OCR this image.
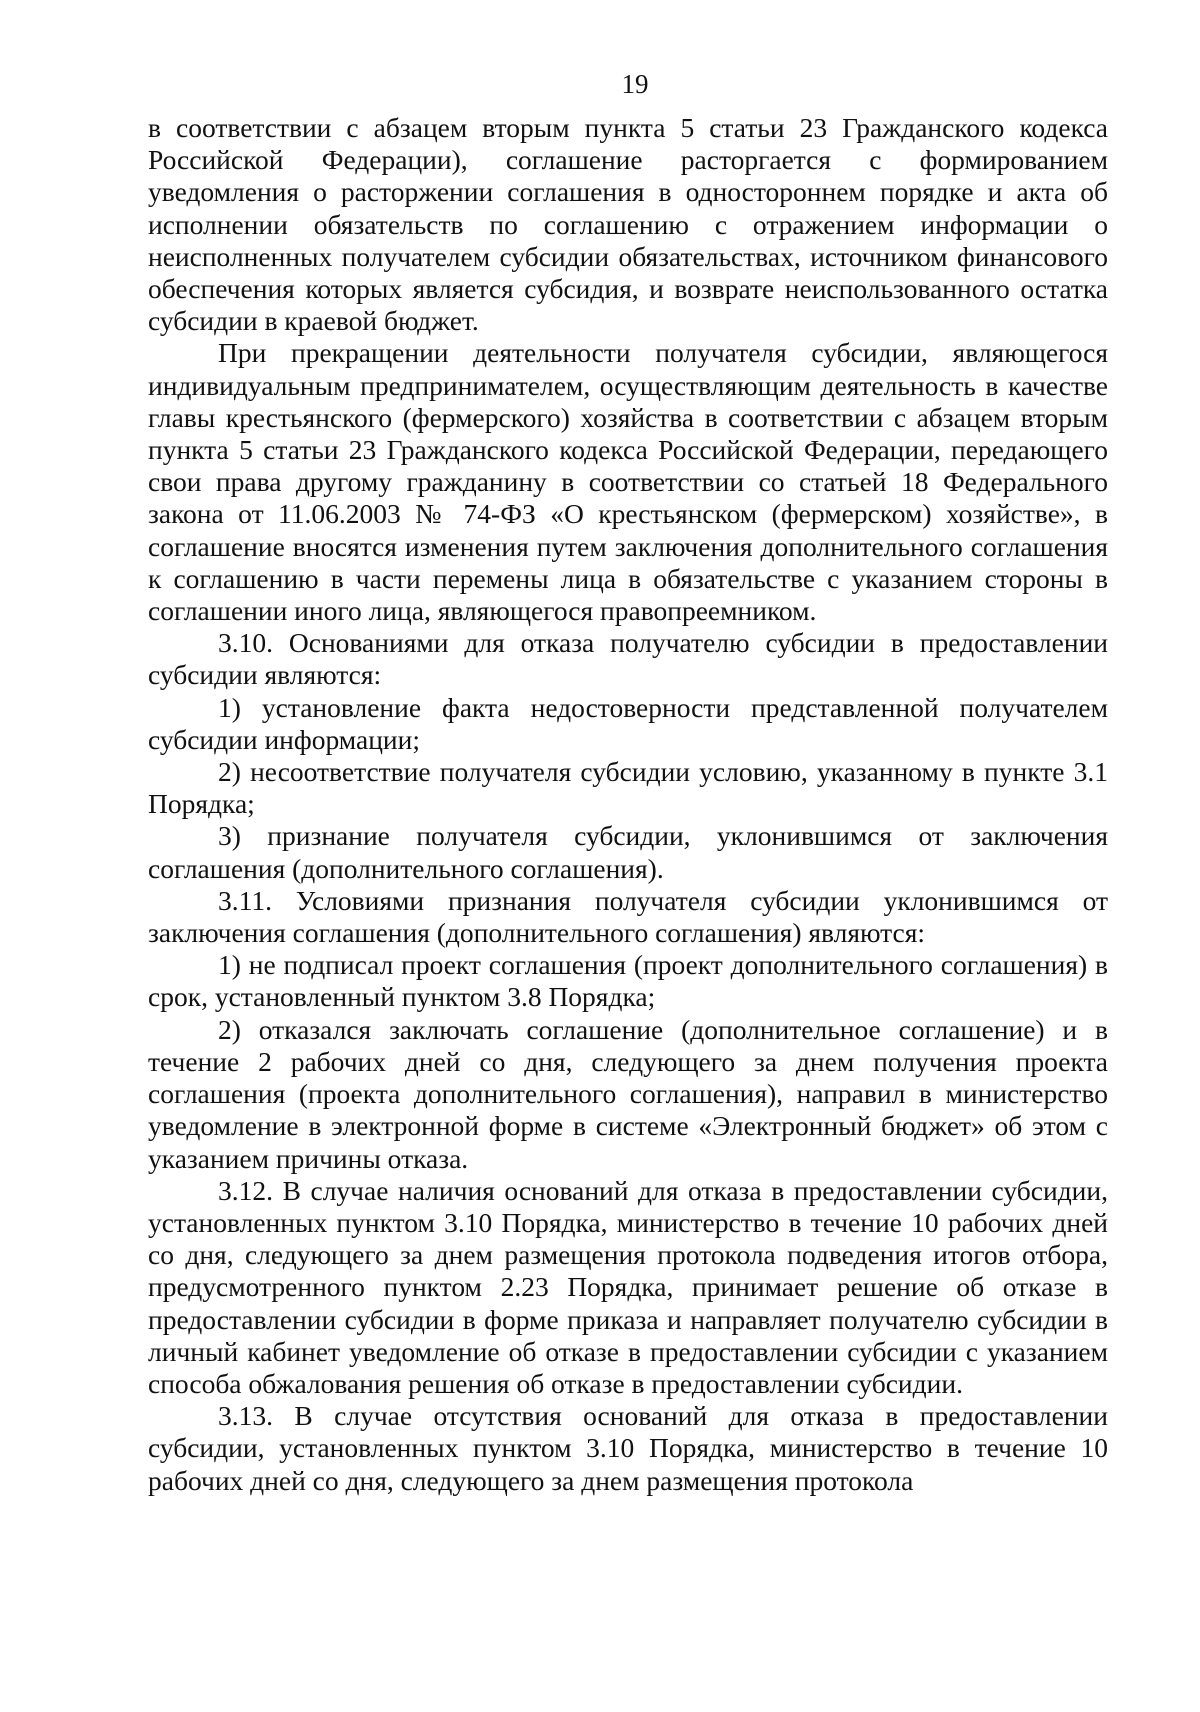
19

в соответствии с абзацем вторым пункта 5 статьи 23 Гражданского кодекса Российской Федерации), соглашение расторгается с формированием уведомления о расторжении соглашения в одностороннем порядке и акта об исполнении обязательств по соглашению с отражением информации о неисполненных получателем субсидии обязательствах, источником финансового обеспечения которых является субсидия, и возврате неиспользованного остатка субсидии в краевой бюджет.

При прекращении деятельности получателя субсидии, являющегося индивидуальным предпринимателем, осуществляющим деятельность в качестве главы крестьянского (фермерского) хозяйства в соответствии с абзацем вторым пункта 5 статьи 23 Гражданского кодекса Российской Федерации, передающего свои права другому гражданину в соответствии со статьей 18 Федерального закона от 11.06.2003 № 74-ФЗ «О крестьянском (фермерском) хозяйстве», в соглашение вносятся изменения путем заключения дополнительного соглашения к соглашению в части перемены лица в обязательстве с указанием стороны в соглашении иного лица, являющегося правопреемником.

3.10. Основаниями для отказа получателю субсидии в предоставлении субсидии являются:

1) установление факта недостоверности представленной получателем субсидии информации;

2) несоответствие получателя субсидии условию, указанному в пункте 3.1 Порядка;

3) признание получателя субсидии, уклонившимся от заключения соглашения (дополнительного соглашения).

3.11. Условиями признания получателя субсидии уклонившимся от заключения соглашения (дополнительного соглашения) являются:

1) не подписал проект соглашения (проект дополнительного соглашения) в срок, установленный пунктом 3.8 Порядка;

2) отказался заключать соглашение (дополнительное соглашение) и в течение 2 рабочих дней со дня, следующего за днем получения проекта соглашения (проекта дополнительного соглашения), направил в министерство уведомление в электронной форме в системе «Электронный бюджет» об этом с указанием причины отказа.

3.12. В случае наличия оснований для отказа в предоставлении субсидии, установленных пунктом 3.10 Порядка, министерство в течение 10 рабочих дней со дня, следующего за днем размещения протокола подведения итогов отбора, предусмотренного пунктом 2.23 Порядка, принимает решение об отказе в предоставлении субсидии в форме приказа и направляет получателю субсидии в личный кабинет уведомление об отказе в предоставлении субсидии с указанием способа обжалования решения об отказе в предоставлении субсидии.

3.13. В случае отсутствия оснований для отказа в предоставлении субсидии, установленных пунктом 3.10 Порядка, министерство в течение 10 рабочих дней со дня, следующего за днем размещения протокола
